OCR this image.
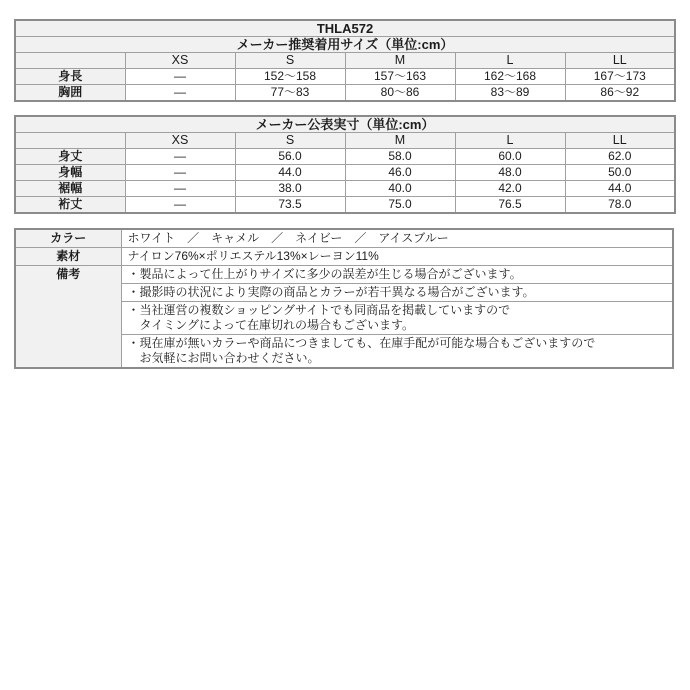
THLA572					
メーカー推奨着用サイズ（単位:cm）					
	XS	S	M	L	LL
身長	—	152～158	157～163	162～168	167～173
胸囲	—	77～83	80～86	83～89	86～92
メーカー公表実寸（単位:cm）					
	XS	S	M	L	LL
身丈	—	56.0	58.0	60.0	62.0
身幅	—	44.0	46.0	48.0	50.0
裾幅	—	38.0	40.0	42.0	44.0
裄丈	—	73.5	75.0	76.5	78.0
カラー	ホワイト　／　キャメル　／　ネイビー　／　アイスブルー
素材	ナイロン76%×ポリエステル13%×レーヨン11%
備考	・製品によって仕上がりサイズに多少の誤差が生じる場合がございます。

	・撮影時の状況により実際の商品とカラーが若干異なる場合がございます。

	・当社運営の複数ショッピングサイトでも同商品を掲載していますので
タイミングによって在庫切れの場合もございます。

	・現在庫が無いカラーや商品につきましても、在庫手配が可能な場合もございますので
お気軽にお問い合わせください。
